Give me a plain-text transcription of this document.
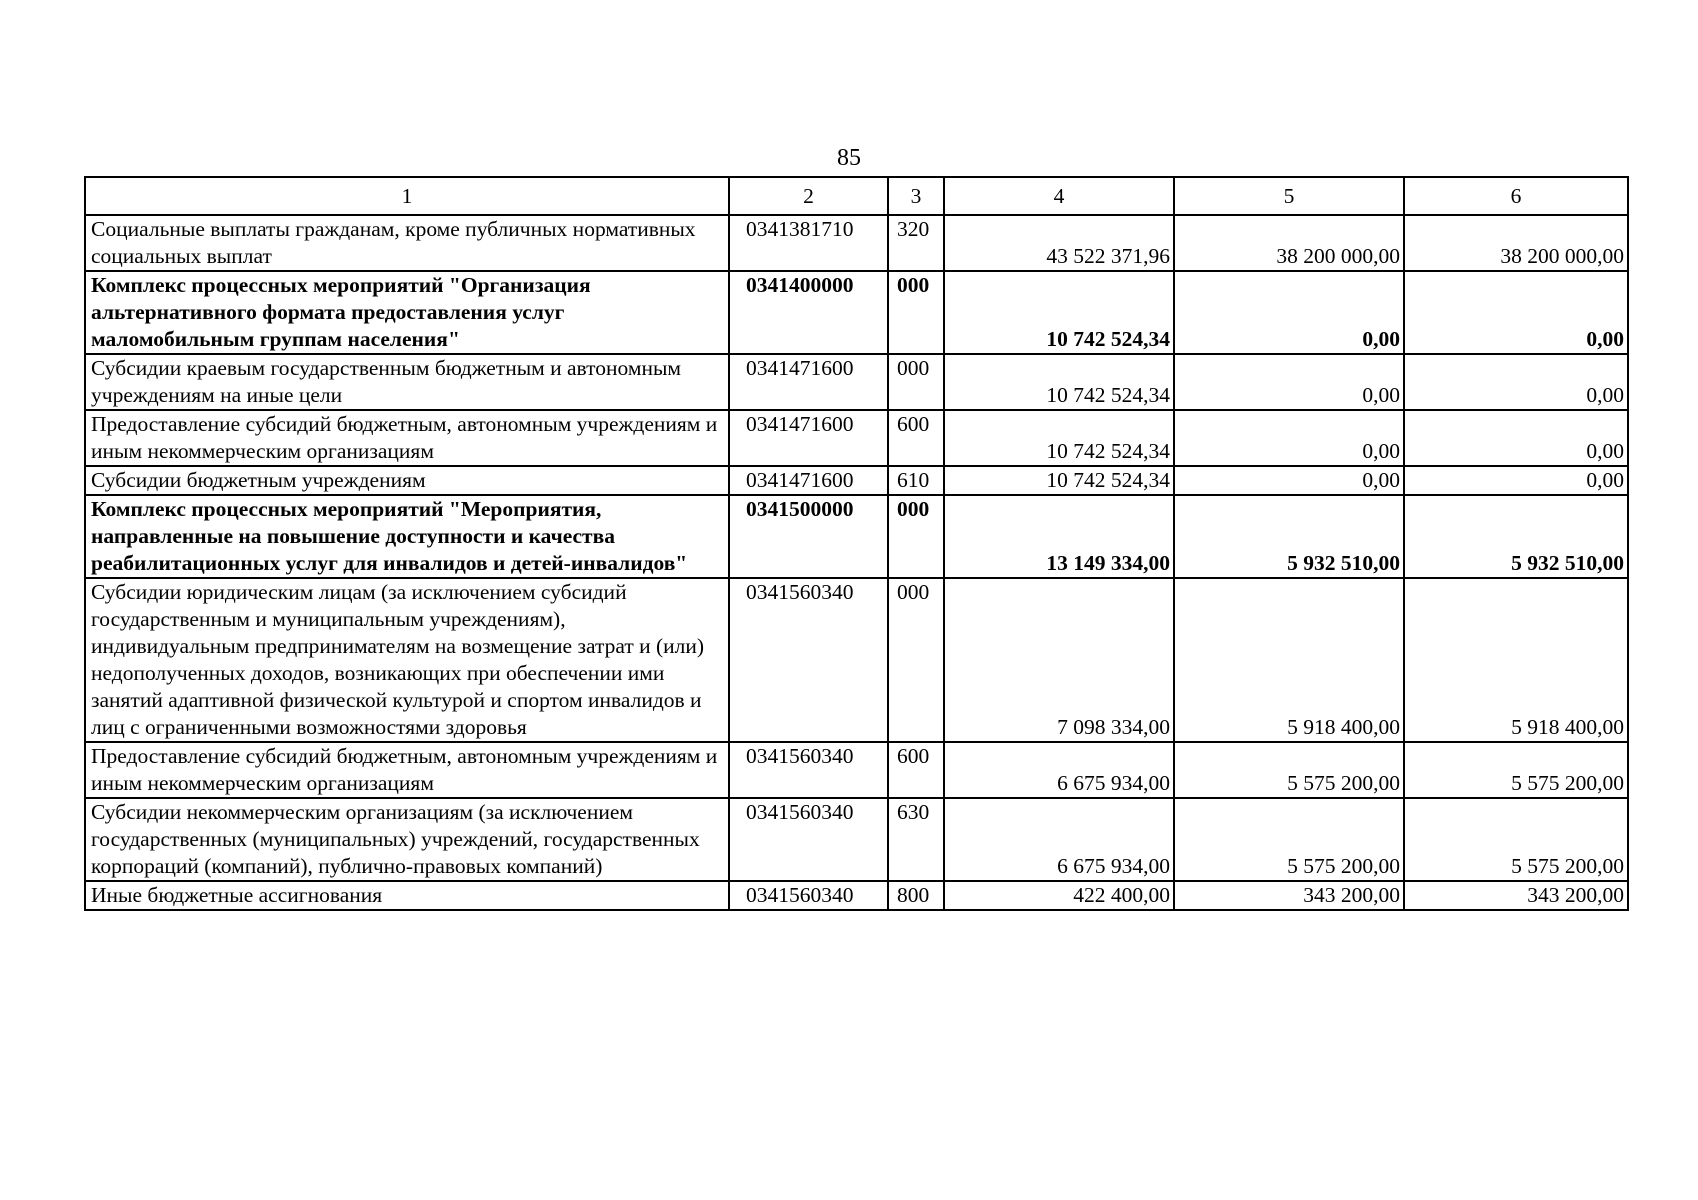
85
1	2	3	4	5	6
Социальные выплаты гражданам, кроме публичных нормативных социальных выплат	0341381710	320	43 522 371,96	38 200 000,00	38 200 000,00
Комплекс процессных мероприятий "Организация альтернативного формата предоставления услуг маломобильным группам населения"	0341400000	000	10 742 524,34	0,00	0,00
Субсидии краевым государственным бюджетным и автономным учреждениям на иные цели	0341471600	000	10 742 524,34	0,00	0,00
Предоставление субсидий бюджетным, автономным учреждениям и иным некоммерческим организациям	0341471600	600	10 742 524,34	0,00	0,00
Субсидии бюджетным учреждениям	0341471600	610	10 742 524,34	0,00	0,00
Комплекс процессных мероприятий "Мероприятия, направленные на повышение доступности и качества реабилитационных услуг для инвалидов и детей-инвалидов"	0341500000	000	13 149 334,00	5 932 510,00	5 932 510,00
Субсидии юридическим лицам (за исключением субсидий государственным и муниципальным учреждениям), индивидуальным предпринимателям на возмещение затрат и (или) недополученных доходов, возникающих при обеспечении ими занятий адаптивной физической культурой и спортом инвалидов и лиц с ограниченными возможностями здоровья	0341560340	000	7 098 334,00	5 918 400,00	5 918 400,00
Предоставление субсидий бюджетным, автономным учреждениям и иным некоммерческим организациям	0341560340	600	6 675 934,00	5 575 200,00	5 575 200,00
Субсидии некоммерческим организациям (за исключением государственных (муниципальных) учреждений, государственных корпораций (компаний), публично-правовых компаний)	0341560340	630	6 675 934,00	5 575 200,00	5 575 200,00
Иные бюджетные ассигнования	0341560340	800	422 400,00	343 200,00	343 200,00
